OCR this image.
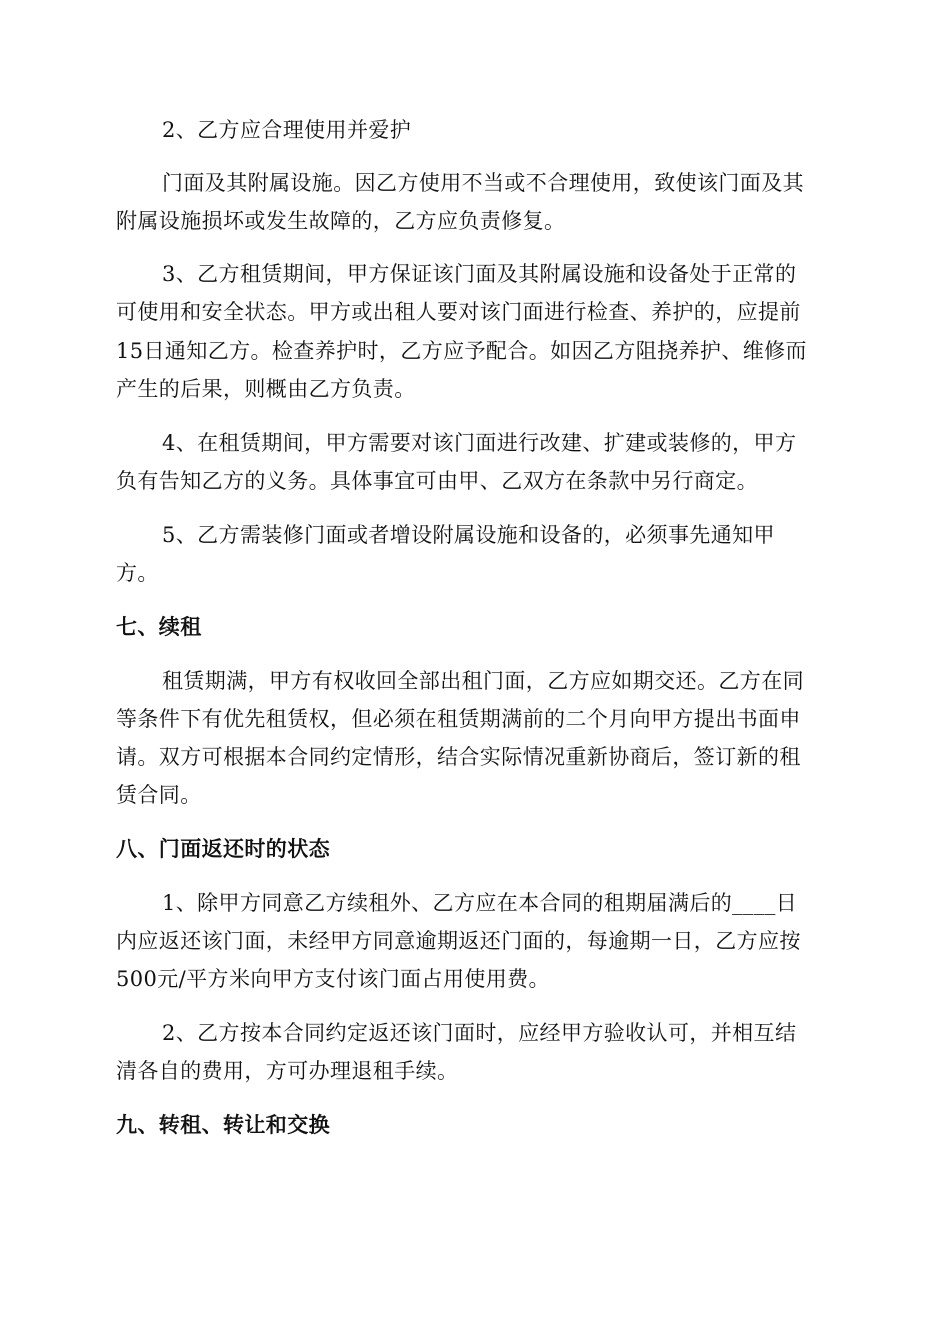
2、乙方应合理使用并爱护
门面及其附属设施。因乙方使用不当或不合理使用，致使该门面及其
附属设施损坏或发生故障的，乙方应负责修复。
3、乙方租赁期间，甲方保证该门面及其附属设施和设备处于正常的
可使用和安全状态。甲方或出租人要对该门面进行检查、养护的，应提前
15日通知乙方。检查养护时，乙方应予配合。如因乙方阻挠养护、维修而
产生的后果，则概由乙方负责。
4、在租赁期间，甲方需要对该门面进行改建、扩建或装修的，甲方
负有告知乙方的义务。具体事宜可由甲、乙双方在条款中另行商定。
5、乙方需装修门面或者增设附属设施和设备的，必须事先通知甲
方。
七、续租
租赁期满，甲方有权收回全部出租门面，乙方应如期交还。乙方在同
等条件下有优先租赁权，但必须在租赁期满前的二个月向甲方提出书面申
请。双方可根据本合同约定情形，结合实际情况重新协商后，签订新的租
赁合同。
八、门面返还时的状态
1、除甲方同意乙方续租外、乙方应在本合同的租期届满后的____日
内应返还该门面，未经甲方同意逾期返还门面的，每逾期一日，乙方应按
500元/平方米向甲方支付该门面占用使用费。
2、乙方按本合同约定返还该门面时，应经甲方验收认可，并相互结
清各自的费用，方可办理退租手续。
九、转租、转让和交换
